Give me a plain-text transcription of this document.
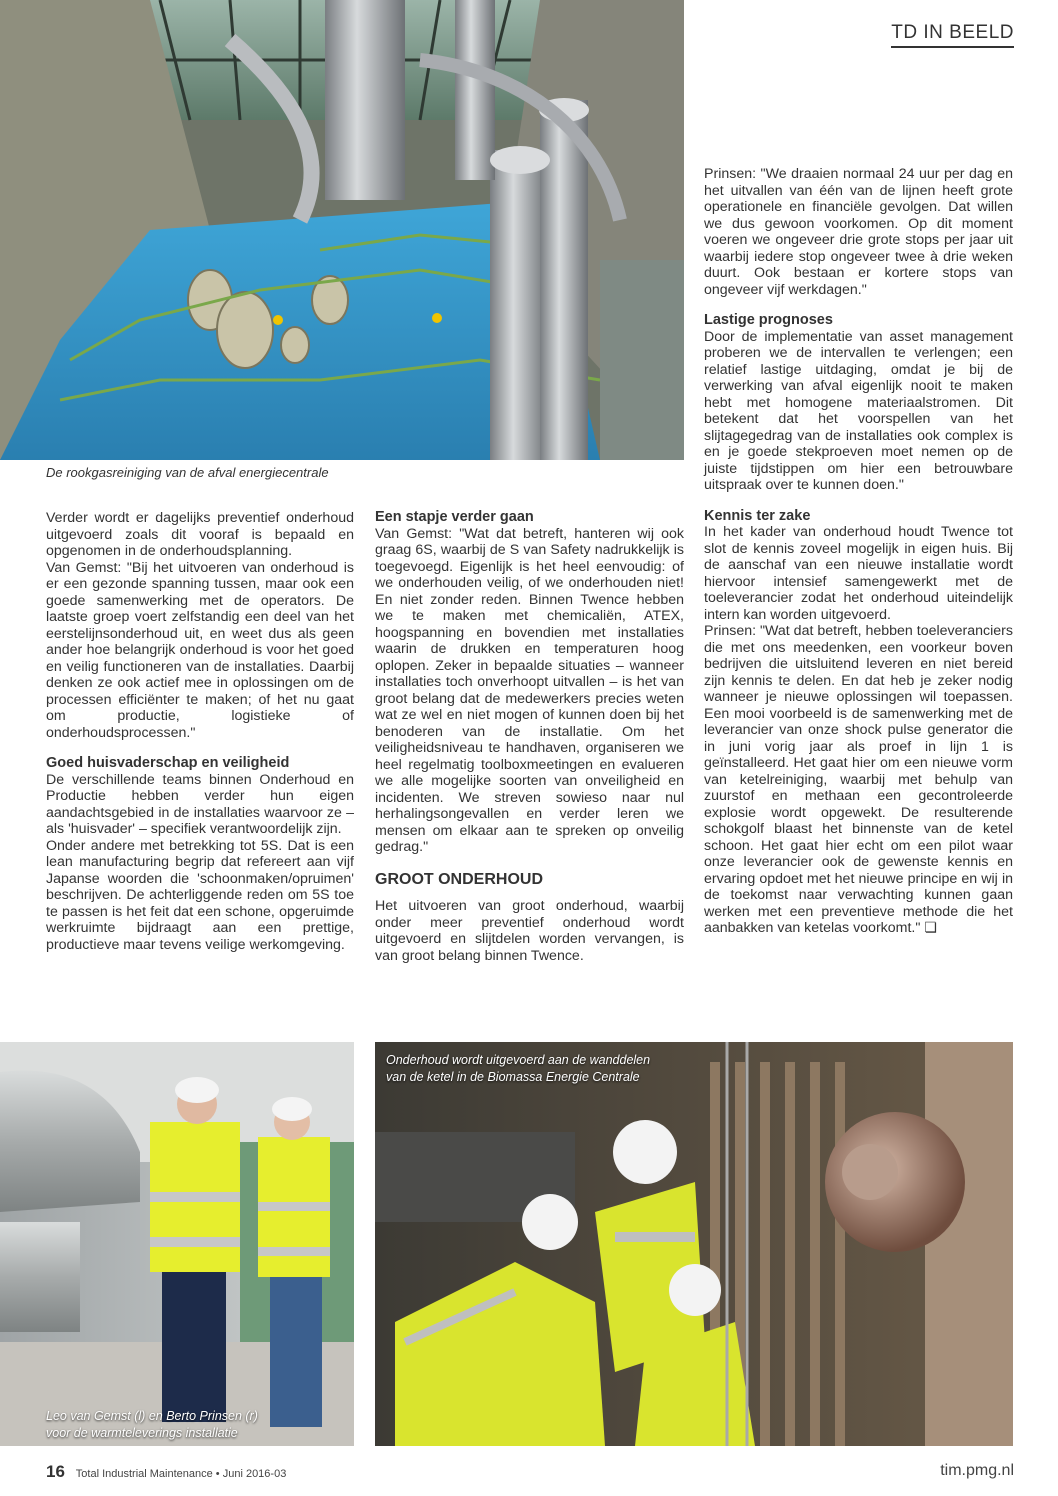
TD IN BEELD
De rookgasreiniging van de afval energiecentrale

Verder wordt er dagelijks preventief onderhoud uitgevoerd zoals dit vooraf is bepaald en opgenomen in de onderhoudsplanning.

Van Gemst: "Bij het uitvoeren van onderhoud is er een gezonde spanning tussen, maar ook een goede samenwerking met de operators. De laatste groep voert zelfstandig een deel van het eerstelijnsonderhoud uit, en weet dus als geen ander hoe belangrijk onderhoud is voor het goed en veilig functioneren van de installaties. Daarbij denken ze ook actief mee in oplossingen om de processen efficiënter te maken; of het nu gaat om productie, logistieke of onderhoudsprocessen."

Goed huisvaderschap en veiligheid

De verschillende teams binnen Onderhoud en Productie hebben verder hun eigen aandachtsgebied in de installaties waarvoor ze – als 'huisvader' – specifiek verantwoordelijk zijn.

Onder andere met betrekking tot 5S. Dat is een lean manufacturing begrip dat refereert aan vijf Japanse woorden die 'schoonmaken/opruimen' beschrijven. De achterliggende reden om 5S toe te passen is het feit dat een schone, opgeruimde werkruimte bijdraagt aan een prettige, productieve maar tevens veilige werkomgeving.

Een stapje verder gaan

Van Gemst: "Wat dat betreft, hanteren wij ook graag 6S, waarbij de S van Safety nadrukkelijk is toegevoegd. Eigenlijk is het heel eenvoudig: of we onderhouden veilig, of we onderhouden niet! En niet zonder reden. Binnen Twence hebben we te maken met chemicaliën, ATEX, hoogspanning en bovendien met installaties waarin de drukken en temperaturen hoog oplopen. Zeker in bepaalde situaties – wanneer installaties toch onverhoopt uitvallen – is het van groot belang dat de medewerkers precies weten wat ze wel en niet mogen of kunnen doen bij het benoderen van de installatie. Om het veiligheidsniveau te handhaven, organiseren we heel regelmatig toolboxmeetingen en evalueren we alle mogelijke soorten van onveiligheid en incidenten. We streven sowieso naar nul herhalingsongevallen en verder leren we mensen om elkaar aan te spreken op onveilig gedrag."

GROOT ONDERHOUD

Het uitvoeren van groot onderhoud, waarbij onder meer preventief onderhoud wordt uitgevoerd en slijtdelen worden vervangen, is van groot belang binnen Twence.

Prinsen: "We draaien normaal 24 uur per dag en het uitvallen van één van de lijnen heeft grote operationele en financiële gevolgen. Dat willen we dus gewoon voorkomen. Op dit moment voeren we ongeveer drie grote stops per jaar uit waarbij iedere stop ongeveer twee à drie weken duurt. Ook bestaan er kortere stops van ongeveer vijf werkdagen."

Lastige prognoses

Door de implementatie van asset management proberen we de intervallen te verlengen; een relatief lastige uitdaging, omdat je bij de verwerking van afval eigenlijk nooit te maken hebt met homogene materiaalstromen. Dit betekent dat het voorspellen van het slijtagegedrag van de installaties ook complex is en je goede stekproeven moet nemen op de juiste tijdstippen om hier een betrouwbare uitspraak over te kunnen doen."

Kennis ter zake

In het kader van onderhoud houdt Twence tot slot de kennis zoveel mogelijk in eigen huis. Bij de aanschaf van een nieuwe installatie wordt hiervoor intensief samengewerkt met de toeleverancier zodat het onderhoud uiteindelijk intern kan worden uitgevoerd.

Prinsen: "Wat dat betreft, hebben toeleveranciers die met ons meedenken, een voorkeur boven bedrijven die uitsluitend leveren en niet bereid zijn kennis te delen. En dat heb je zeker nodig wanneer je nieuwe oplossingen wil toepassen. Een mooi voorbeeld is de samenwerking met de leverancier van onze shock pulse generator die in juni vorig jaar als proef in lijn 1 is geïnstalleerd. Het gaat hier om een nieuwe vorm van ketelreiniging, waarbij met behulp van zuurstof en methaan een gecontroleerde explosie wordt opgewekt. De resulterende schokgolf blaast het binnenste van de ketel schoon. Het gaat hier echt om een pilot waar onze leverancier ook de gewenste kennis en ervaring opdoet met het nieuwe principe en wij in de toekomst naar verwachting kunnen gaan werken met een preventieve methode die het aanbakken van ketelas voorkomt." ❏

Leo van Gemst (l) en Berto Prinsen (r)
voor de warmteleverings installatie
Onderhoud wordt uitgevoerd aan de wanddelen van de ketel in de Biomassa Energie Centrale
16 Total Industrial Maintenance • Juni 2016-03	tim.pmg.nl
